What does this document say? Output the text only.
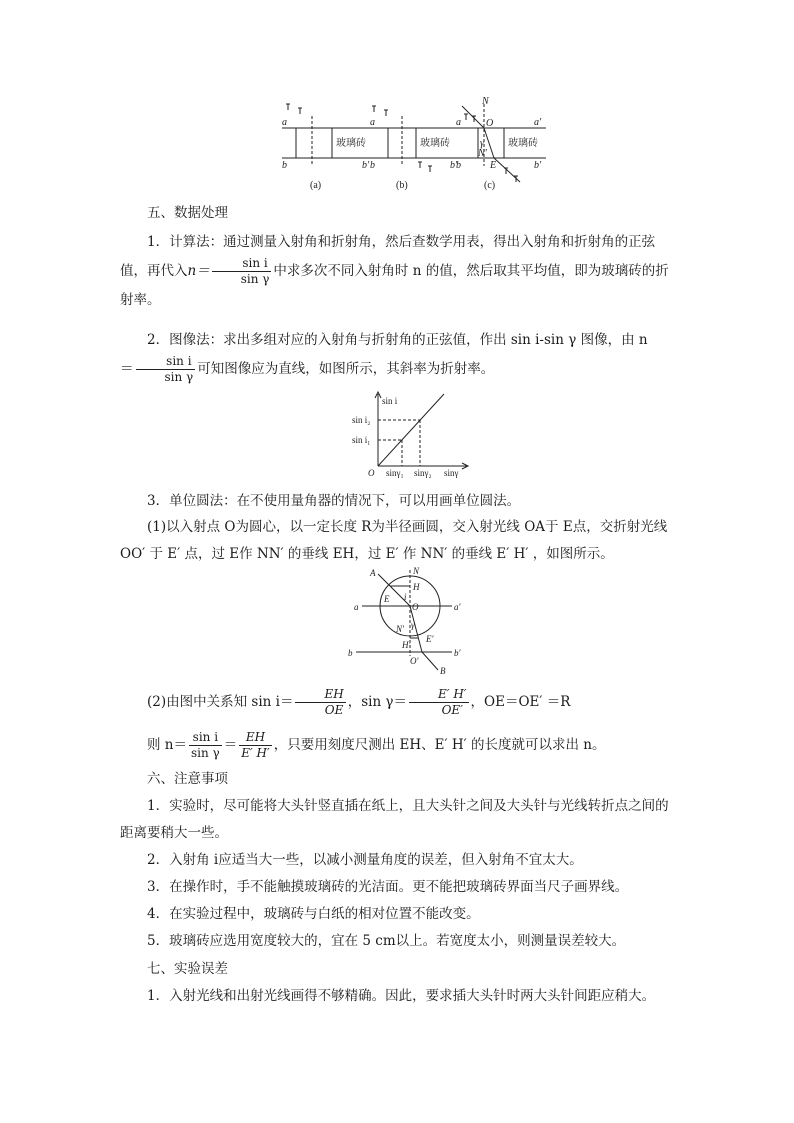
a
b	b′
a
b	b′
a	a′
b	b′
N
O
γ
N′
E
玻璃砖	玻璃砖	玻璃砖
(a)	(b)	(c)
五、数据处理
1．计算法：通过测量入射角和折射角，然后查数学用表，得出入射角和折射角的正弦值，再代入$n= \frac{\text{sin i}}{\text{sin γ}}$ 中求多次不同入射角时 n 的值，然后取其平均值，即为玻璃砖的折射率。
2．图像法：求出多组对应的入射角与折射角的正弦值，作出 sin i-sin γ 图像，由 n
＝ $\frac{\text{sin i}}{\text{sin γ}}$ 可知图像应为直线，如图所示，其斜率为折射率。
sin i
sin i₂
sin i₁
O sinγ₁ sinγ₂ sinγ
3．单位圆法：在不使用量角器的情况下，可以用画单位圆法。
(1)以入射点 O为圆心，以一定长度 R为半径画圆，交入射光线 OA于 E点，交折射光线 OO′ 于 E′ 点，过 E作 NN′ 的垂线 EH，过 E′ 作 NN′ 的垂线 E′ H′ ，如图所示。
A	N
H
E i
O
a	a′
N′ γ
E′
H′
b	b′
O′
B
(2)由图中关系知 $\sin i= \frac{EH}{OE}$ ，$\sin \gamma= \frac{E' H'}{OE'}$ ，OE＝OE′ ＝R
则 $n= \frac{\text{sin i}}{\text{sin γ}} = \frac{EH}{E' H'}$ ，只要用刻度尺测出 EH、E′ H′ 的长度就可以求出 n。
六、注意事项
1．实验时，尽可能将大头针竖直插在纸上，且大头针之间及大头针与光线转折点之间的距离要稍大一些。
2．入射角 i应适当大一些，以减小测量角度的误差，但入射角不宜太大。
3．在操作时，手不能触摸玻璃砖的光洁面。更不能把玻璃砖界面当尺子画界线。
4．在实验过程中，玻璃砖与白纸的相对位置不能改变。
5．玻璃砖应选用宽度较大的，宜在 5 cm以上。若宽度太小，则测量误差较大。
七、实验误差
1．入射光线和出射光线画得不够精确。因此，要求插大头针时两大头针间距应稍大。
